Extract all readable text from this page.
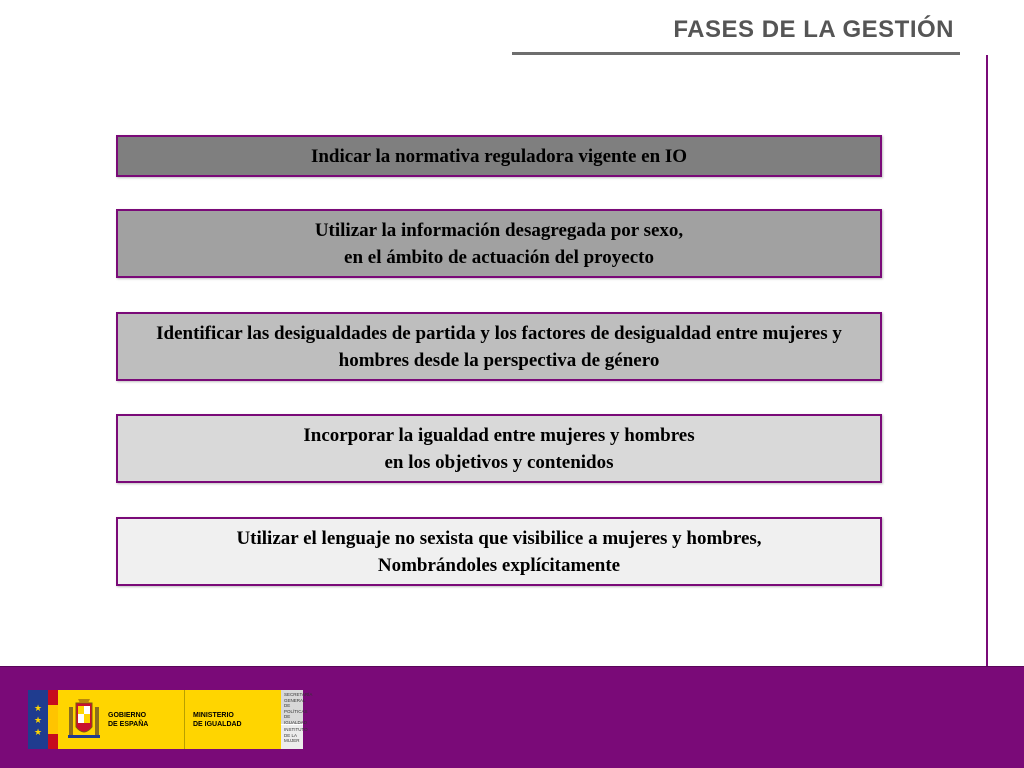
FASES DE LA GESTIÓN
Indicar la normativa reguladora vigente en IO
Utilizar la información desagregada por sexo,
en el ámbito de actuación del proyecto
Identificar las desigualdades de partida y los factores de desigualdad entre mujeres y hombres desde la perspectiva de género
Incorporar la igualdad entre mujeres y hombres
en los objetivos y contenidos
Utilizar el lenguaje no sexista que visibilice a mujeres y hombres,
Nombrándoles explícitamente
★
★
★
GOBIERNO
DE ESPAÑA
MINISTERIO
DE IGUALDAD
SECRETARÍA
GENERAL
DE POLÍTICAS
DE IGUALDAD
INSTITUTO
DE LA MUJER
